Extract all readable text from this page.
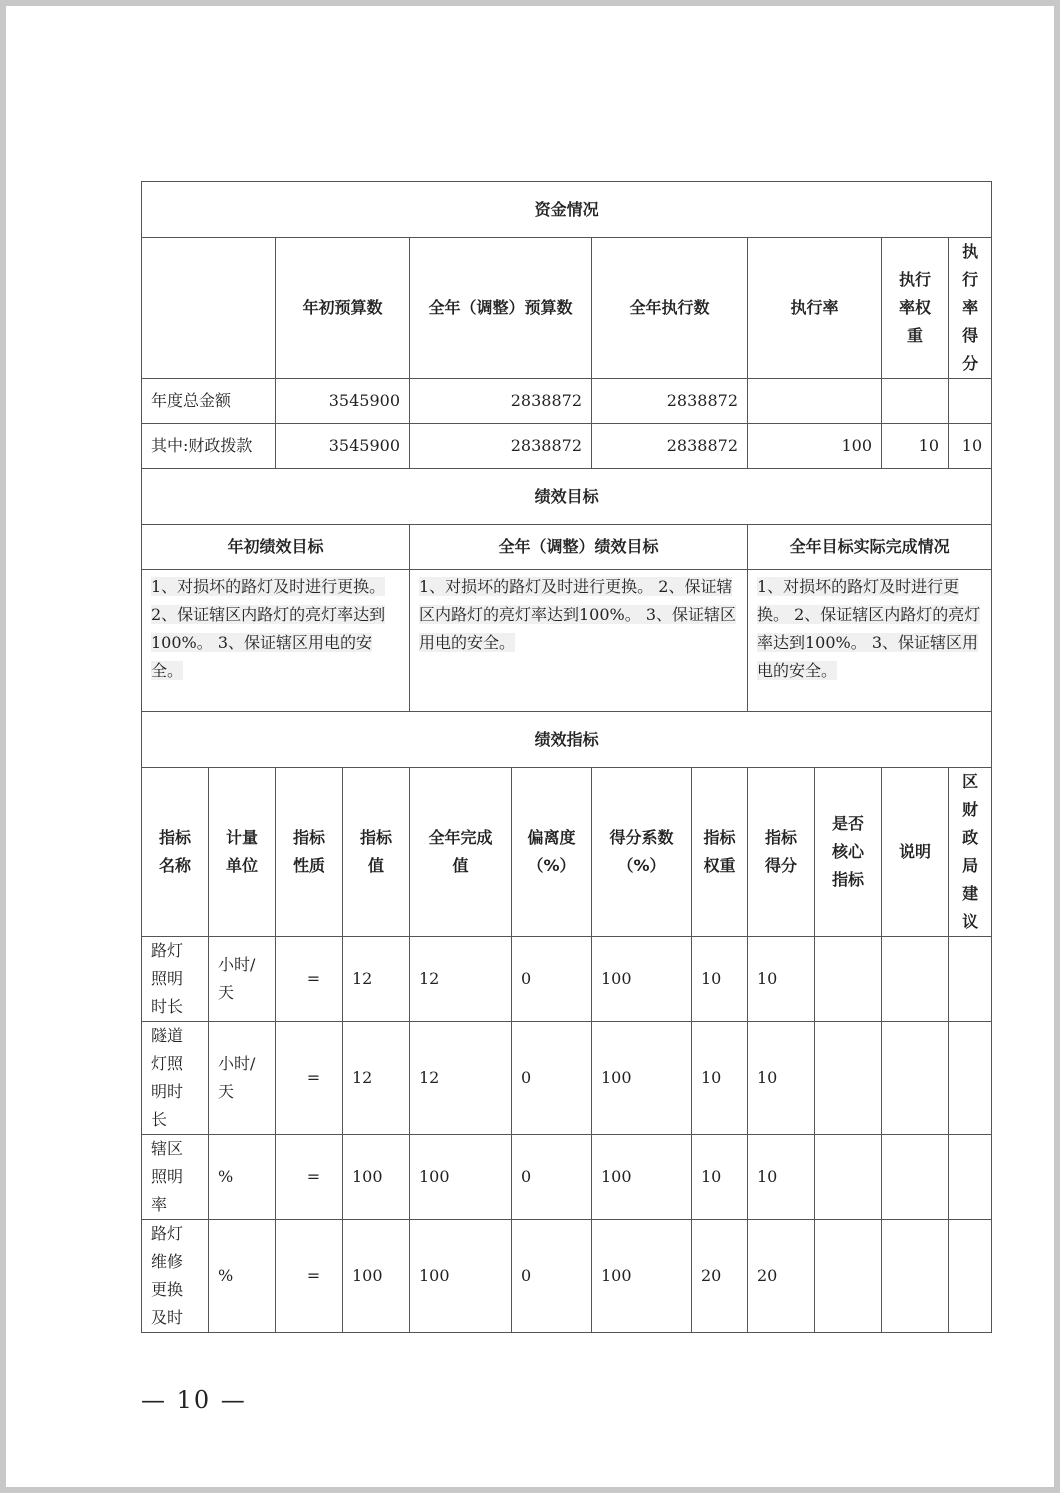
资金情况											
		年初预算数		全年（调整）预算数		全年执行数		执行率		执行率权重	执行率得分
年度总金额		3545900		2838872		2838872					
其中:财政拨款		3545900		2838872		2838872		100		10	10
绩效目标											
年初绩效目标				全年（调整）绩效目标				全年目标实际完成情况			
1、对损坏的路灯及时进行更换。 2、保证辖区内路灯的亮灯率达到100%。 3、保证辖区用电的安全。				1、对损坏的路灯及时进行更换。 2、保证辖区内路灯的亮灯率达到100%。 3、保证辖区用电的安全。				1、对损坏的路灯及时进行更换。 2、保证辖区内路灯的亮灯率达到100%。 3、保证辖区用电的安全。			
绩效指标											
指标名称	计量单位	指标性质	指标值	全年完成值	偏离度（%）	得分系数（%）	指标权重	指标得分	是否核心指标	说明	区财政局建议
路灯照明时长	小时/天	=	12	12	0	100	10	10			
隧道灯照明时长	小时/天	=	12	12	0	100	10	10			
辖区照明率	%	=	100	100	0	100	10	10			
路灯维修更换及时	%	=	100	100	0	100	20	20			
— 10 —
